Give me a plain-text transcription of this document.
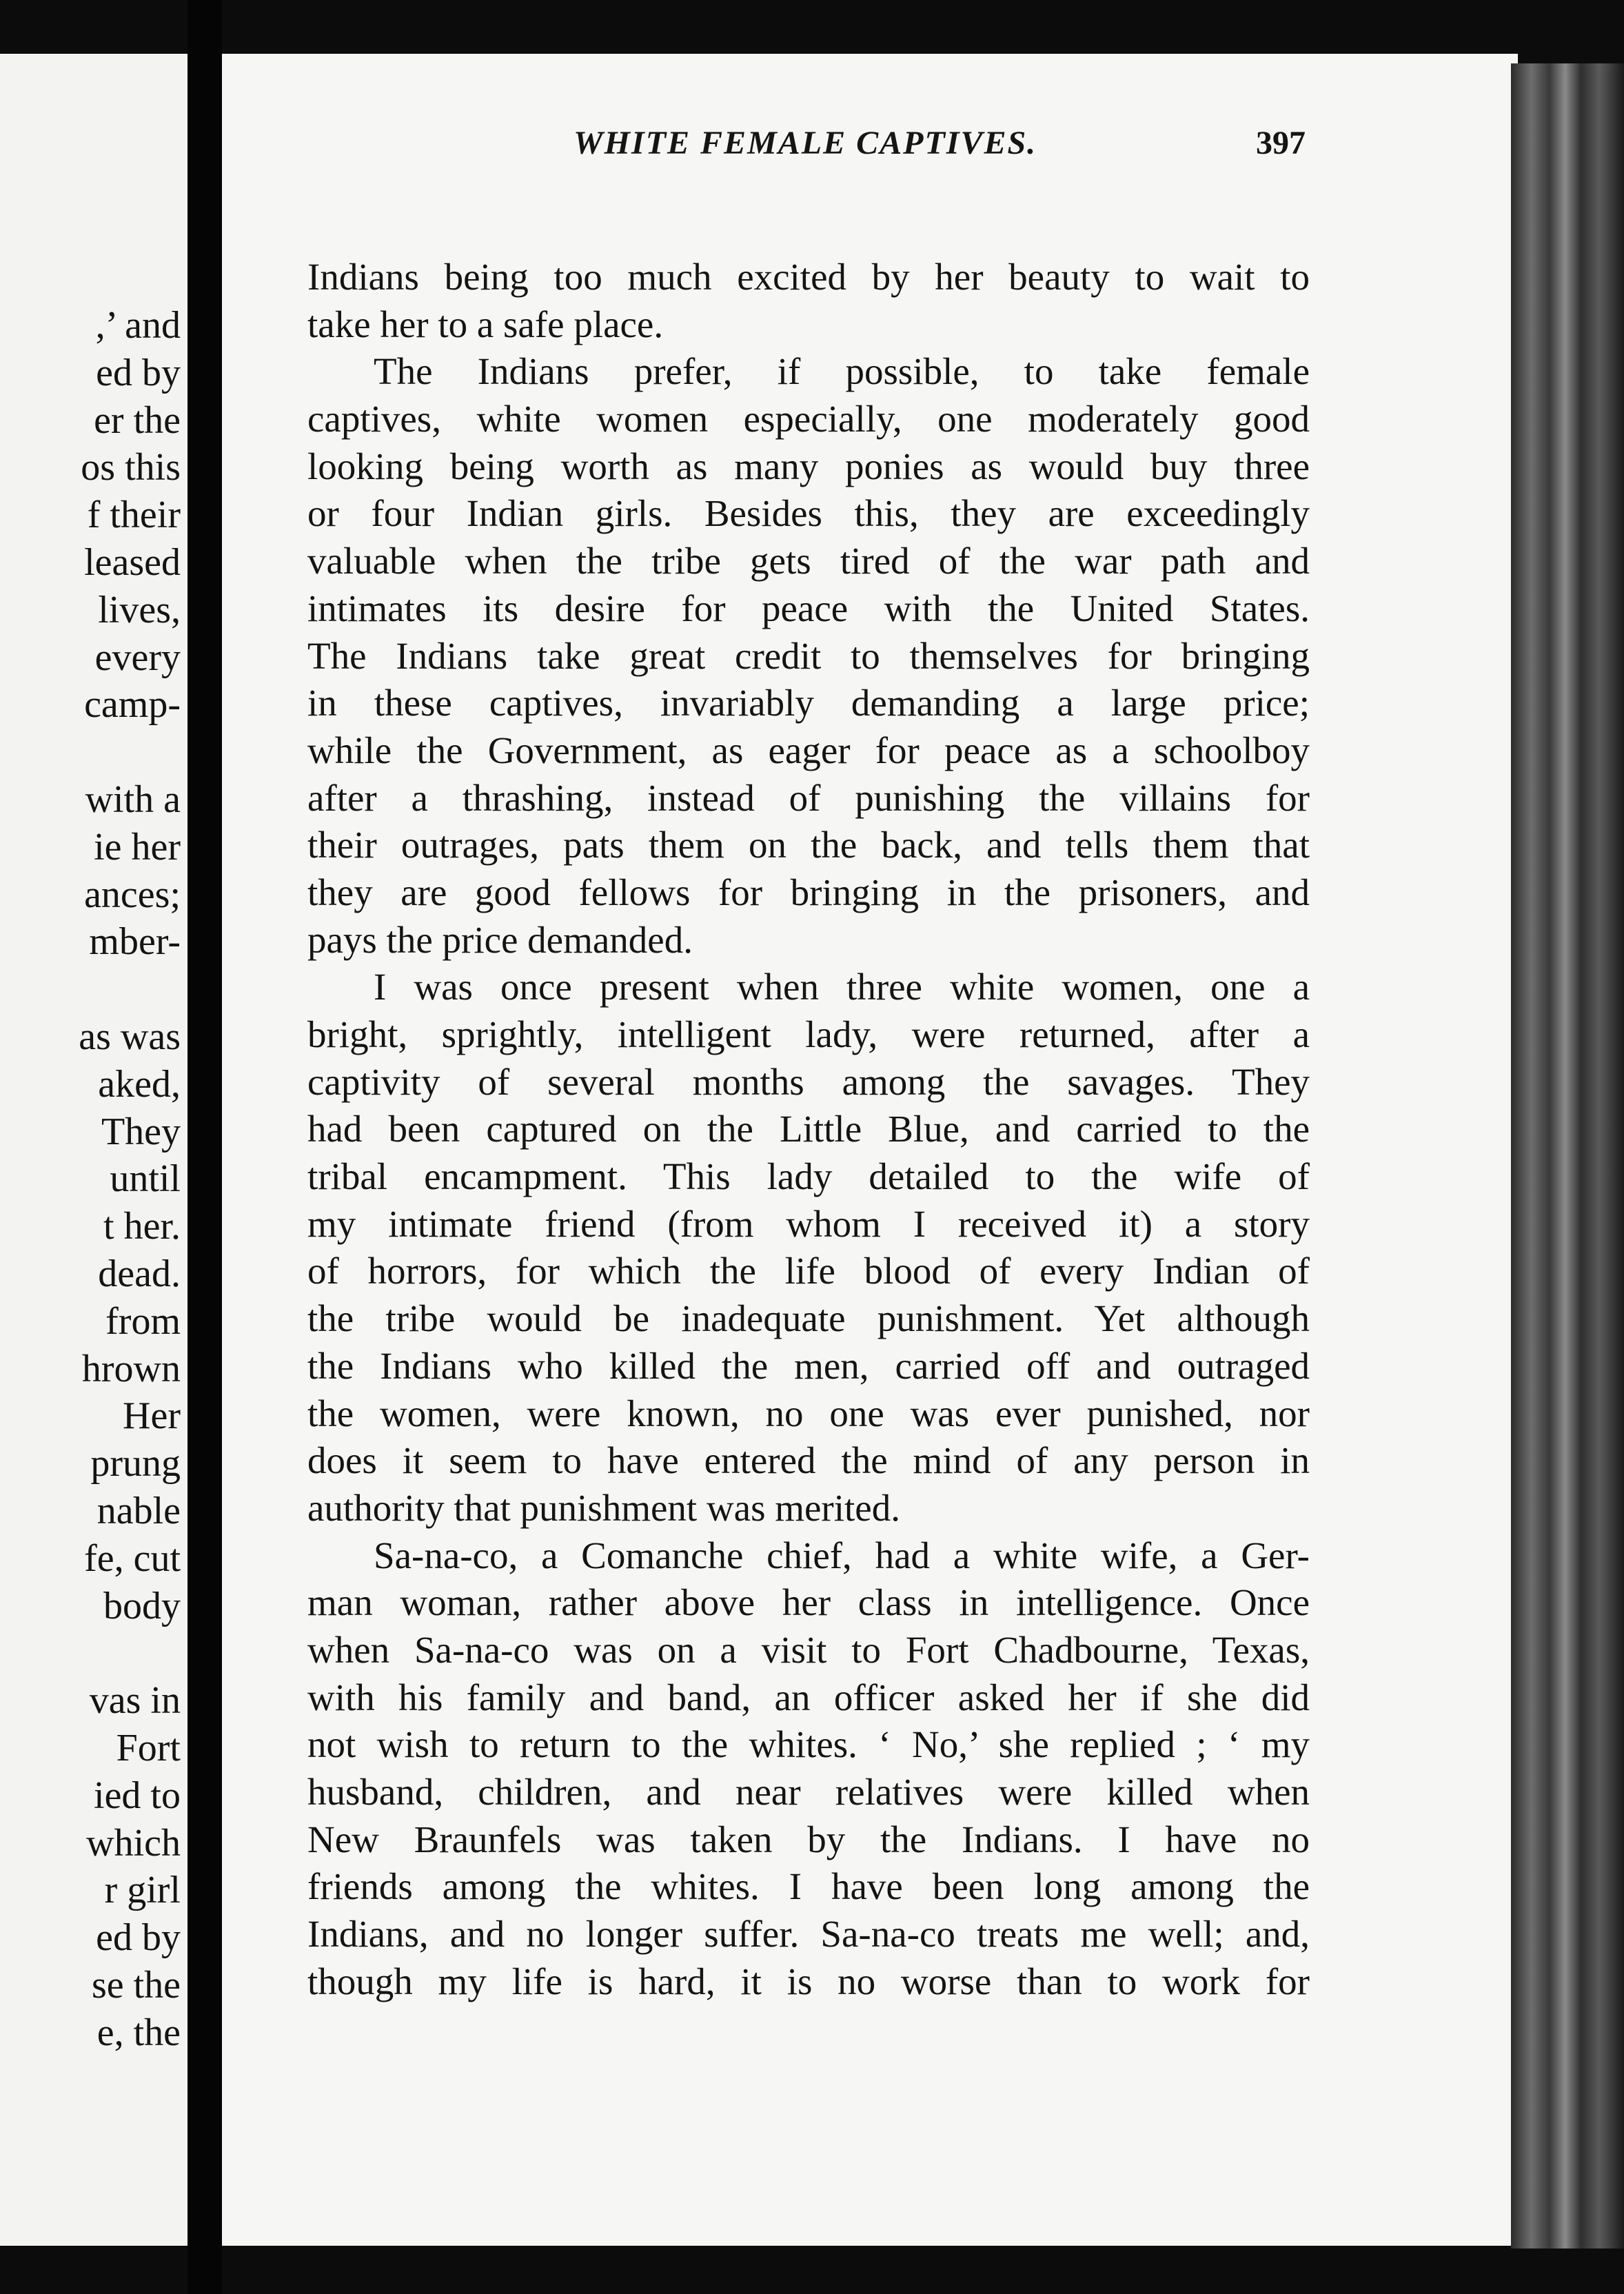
,’ and
ed by
er the
os this
f their
leased
lives,
every
camp-
with a
ie her
ances;
mber-
as was
aked,
They
until
t her.
dead.
from
hrown
Her
prung
nable
fe, cut
body
vas in
Fort
ied to
which
r girl
ed by
se the
e, the
WHITE FEMALE CAPTIVES.	397
Indians being too much excited by her beauty to wait to
take her to a safe place.
The Indians prefer, if possible, to take female
captives, white women especially, one moderately good
looking being worth as many ponies as would buy three
or four Indian girls. Besides this, they are exceedingly
valuable when the tribe gets tired of the war path and
intimates its desire for peace with the United States.
The Indians take great credit to themselves for bringing
in these captives, invariably demanding a large price;
while the Government, as eager for peace as a schoolboy
after a thrashing, instead of punishing the villains for
their outrages, pats them on the back, and tells them that
they are good fellows for bringing in the prisoners, and
pays the price demanded.
I was once present when three white women, one a
bright, sprightly, intelligent lady, were returned, after a
captivity of several months among the savages. They
had been captured on the Little Blue, and carried to the
tribal encampment. This lady detailed to the wife of
my intimate friend (from whom I received it) a story
of horrors, for which the life blood of every Indian of
the tribe would be inadequate punishment. Yet although
the Indians who killed the men, carried off and outraged
the women, were known, no one was ever punished, nor
does it seem to have entered the mind of any person in
authority that punishment was merited.
Sa-na-co, a Comanche chief, had a white wife, a Ger-
man woman, rather above her class in intelligence. Once
when Sa-na-co was on a visit to Fort Chadbourne, Texas,
with his family and band, an officer asked her if she did
not wish to return to the whites. ‘ No,’ she replied ; ‘ my
husband, children, and near relatives were killed when
New Braunfels was taken by the Indians. I have no
friends among the whites. I have been long among the
Indians, and no longer suffer. Sa-na-co treats me well; and,
though my life is hard, it is no worse than to work for
